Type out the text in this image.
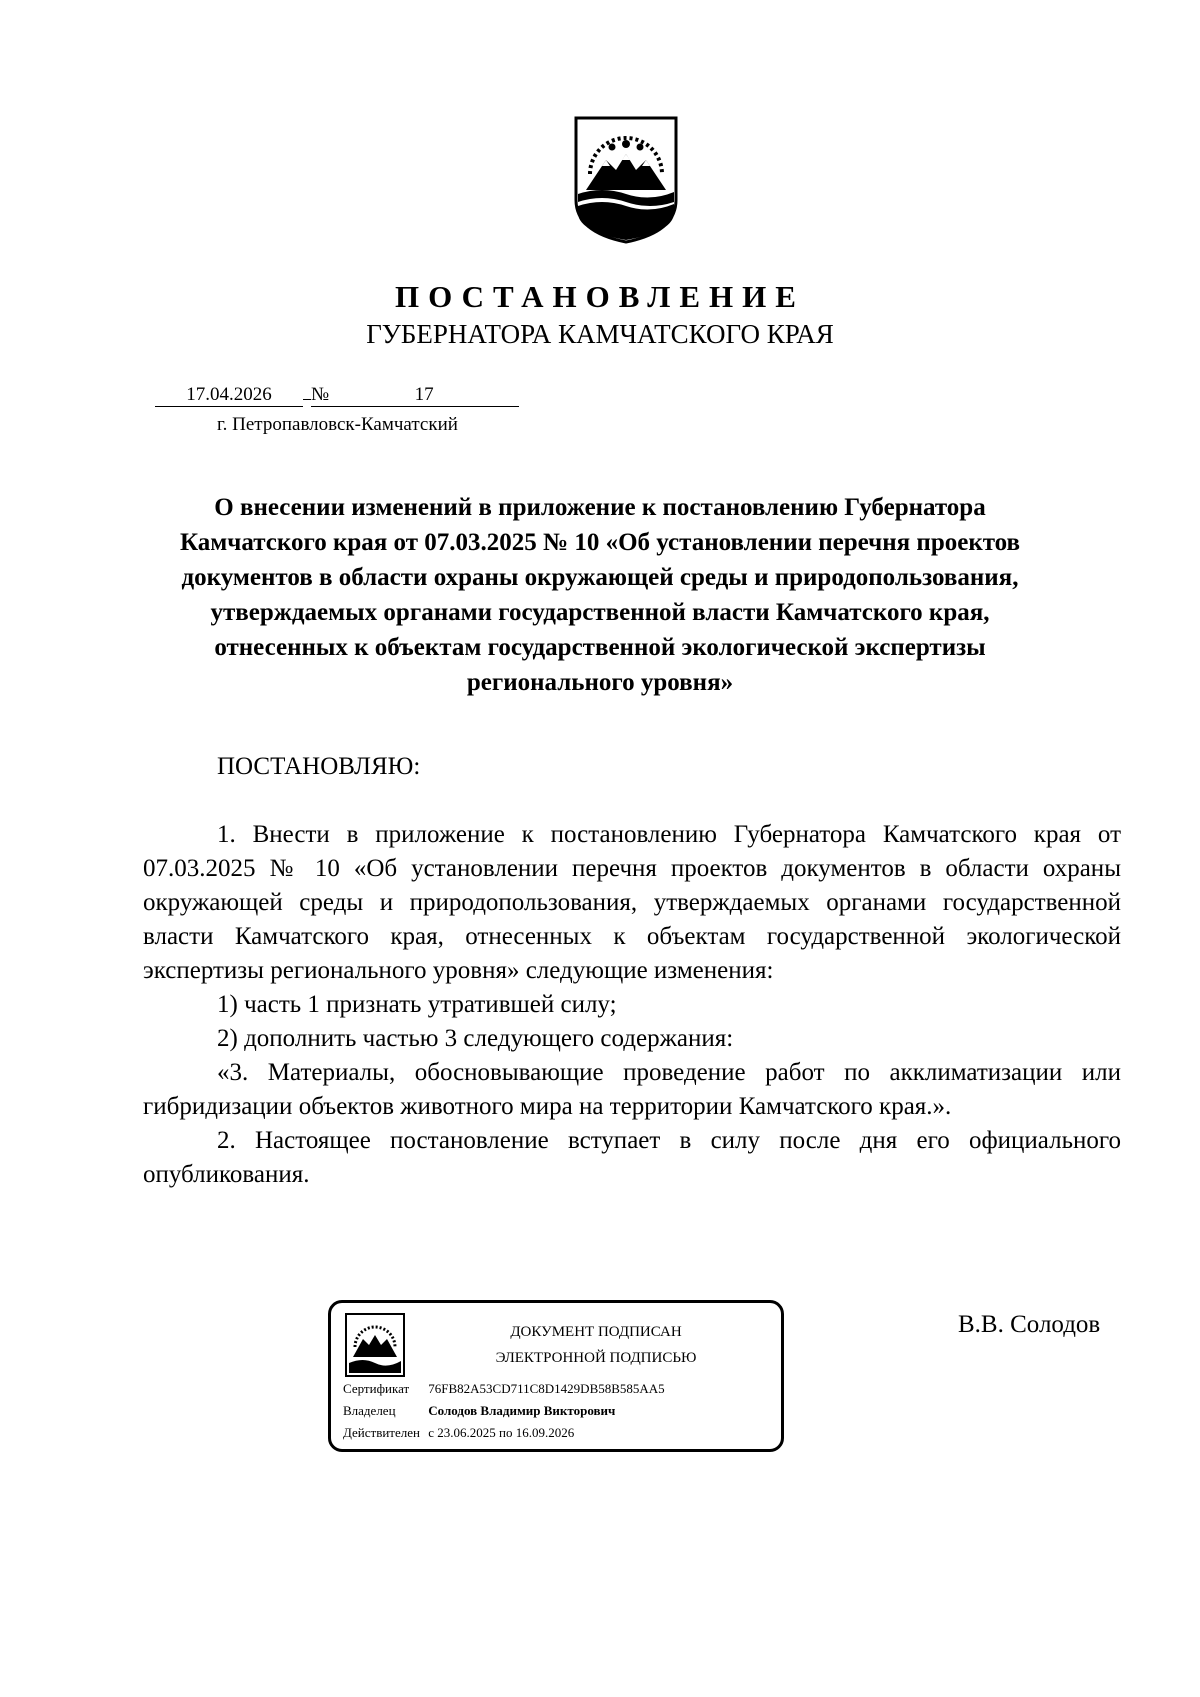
ПОСТАНОВЛЕНИЕ
ГУБЕРНАТОРА КАМЧАТСКОГО КРАЯ
17.04.2026 №	17
г. Петропавловск-Камчатский
О внесении изменений в приложение к постановлению Губернатора
Камчатского края от 07.03.2025 № 10 «Об установлении перечня проектов
документов в области охраны окружающей среды и природопользования,
утверждаемых органами государственной власти Камчатского края,
отнесенных к объектам государственной экологической экспертизы
регионального уровня»
ПОСТАНОВЛЯЮ:

1. Внести в приложение к постановлению Губернатора Камчатского края от 07.03.2025 № 10 «Об установлении перечня проектов документов в области охраны окружающей среды и природопользования, утверждаемых органами государственной власти Камчатского края, отнесенных к объектам государственной экологической экспертизы регионального уровня» следующие изменения:

1) часть 1 признать утратившей силу;

2) дополнить частью 3 следующего содержания:

«3. Материалы, обосновывающие проведение работ по акклиматизации или гибридизации объектов животного мира на территории Камчатского края.».

2. Настоящее постановление вступает в силу после дня его официального опубликования.

ДОКУМЕНТ ПОДПИСАН
ЭЛЕКТРОННОЙ ПОДПИСЬЮ
Сертификат 76FB82A53CD711C8D1429DB58B585AA5
Владелец	Солодов Владимир Викторович
Действителен с 23.06.2025 по 16.09.2026
В.В. Солодов
